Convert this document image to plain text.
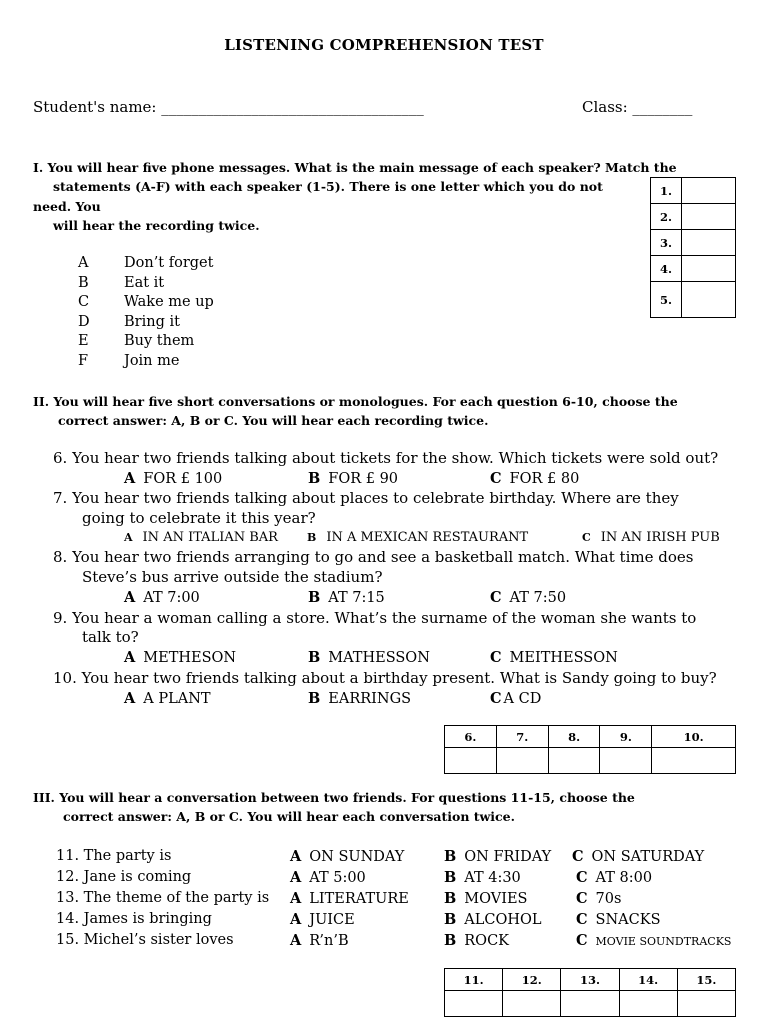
LISTENING COMPREHENSION TEST
Student's name: ___________________________________	Class: ________
I. You will hear five phone messages. What is the main message of each speaker? Match the
statements (A-F) with each speaker (1-5). There is one letter which you do not
need. You
will hear the recording twice.
A Don’t forget
B Eat it
C Wake me up
D Bring it
E Buy them
F Join me
1.	
2.	
3.	
4.	
5.	
II. You will hear five short conversations or monologues. For each question 6-10, choose the
correct answer: A, B or C. You will hear each recording twice.
6. You hear two friends talking about tickets for the show. Which tickets were sold out?
A FOR £ 100	B FOR £ 90	C FOR £ 80
7. You hear two friends talking about places to celebrate birthday. Where are they
going to celebrate it this year?
A IN AN ITALIAN BAR	B IN A MEXICAN RESTAURANT	C IN AN IRISH PUB
8. You hear two friends arranging to go and see a basketball match. What time does
Steve’s bus arrive outside the stadium?
A AT 7:00	B AT 7:15	C AT 7:50
9. You hear a woman calling a store. What’s the surname of the woman she wants to
talk to?
A METHESON	B MATHESSON	C MEITHESSON
10. You hear two friends talking about a birthday present. What is Sandy going to buy?
A A PLANT	B EARRINGS	C A CD
6.	7.	8.	9.	10.

III. You will hear a conversation between two friends. For questions 11-15, choose the
correct answer: A, B or C. You will hear each conversation twice.
11. The party is	A ON SUNDAY	B ON FRIDAY C ON SATURDAY
12. Jane is coming	A AT 5:00	B AT 4:30	C AT 8:00
13. The theme of the party is A LITERATURE B MOVIES	C 70s
14. James is bringing	A JUICE	B ALCOHOL C SNACKS
15. Michel’s sister loves	A R’n’B	B ROCK	C MOVIE SOUNDTRACKS
11.	12.	13.	14.	15.
